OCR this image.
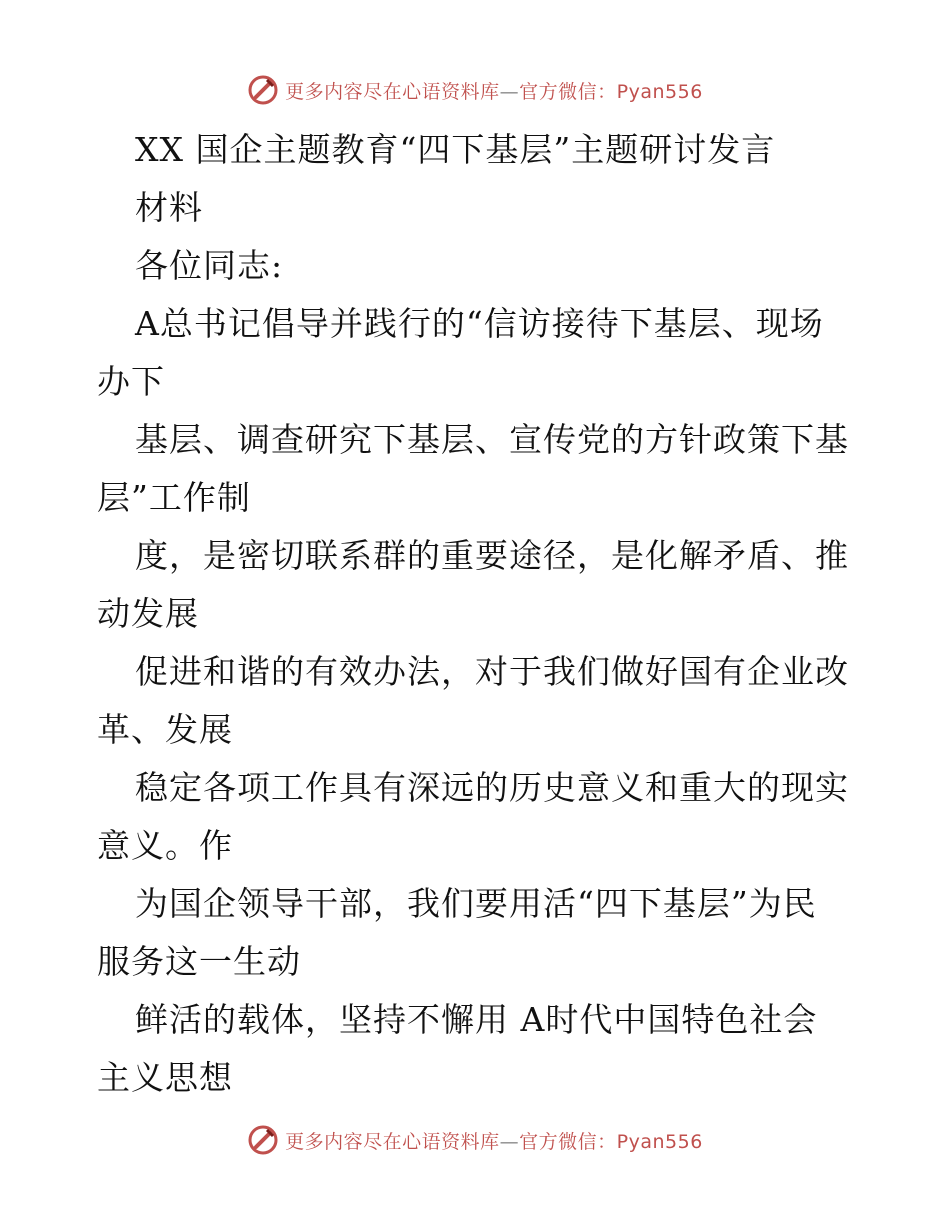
更多内容尽在心语资料库—官方微信：Pyan556
XX 国企主题教育“四下基层”主题研讨发言
材料
各位同志:
A总书记倡导并践行的“信访接待下基层、现场
办下
基层、调查研究下基层、宣传党的方针政策下基
层”工作制
度，是密切联系群的重要途径，是化解矛盾、推
动发展
促进和谐的有效办法，对于我们做好国有企业改
革、发展
稳定各项工作具有深远的历史意义和重大的现实
意义。作
为国企领导干部，我们要用活“四下基层”为民
服务这一生动
鲜活的载体，坚持不懈用 A时代中国特色社会
主义思想
更多内容尽在心语资料库—官方微信：Pyan556
